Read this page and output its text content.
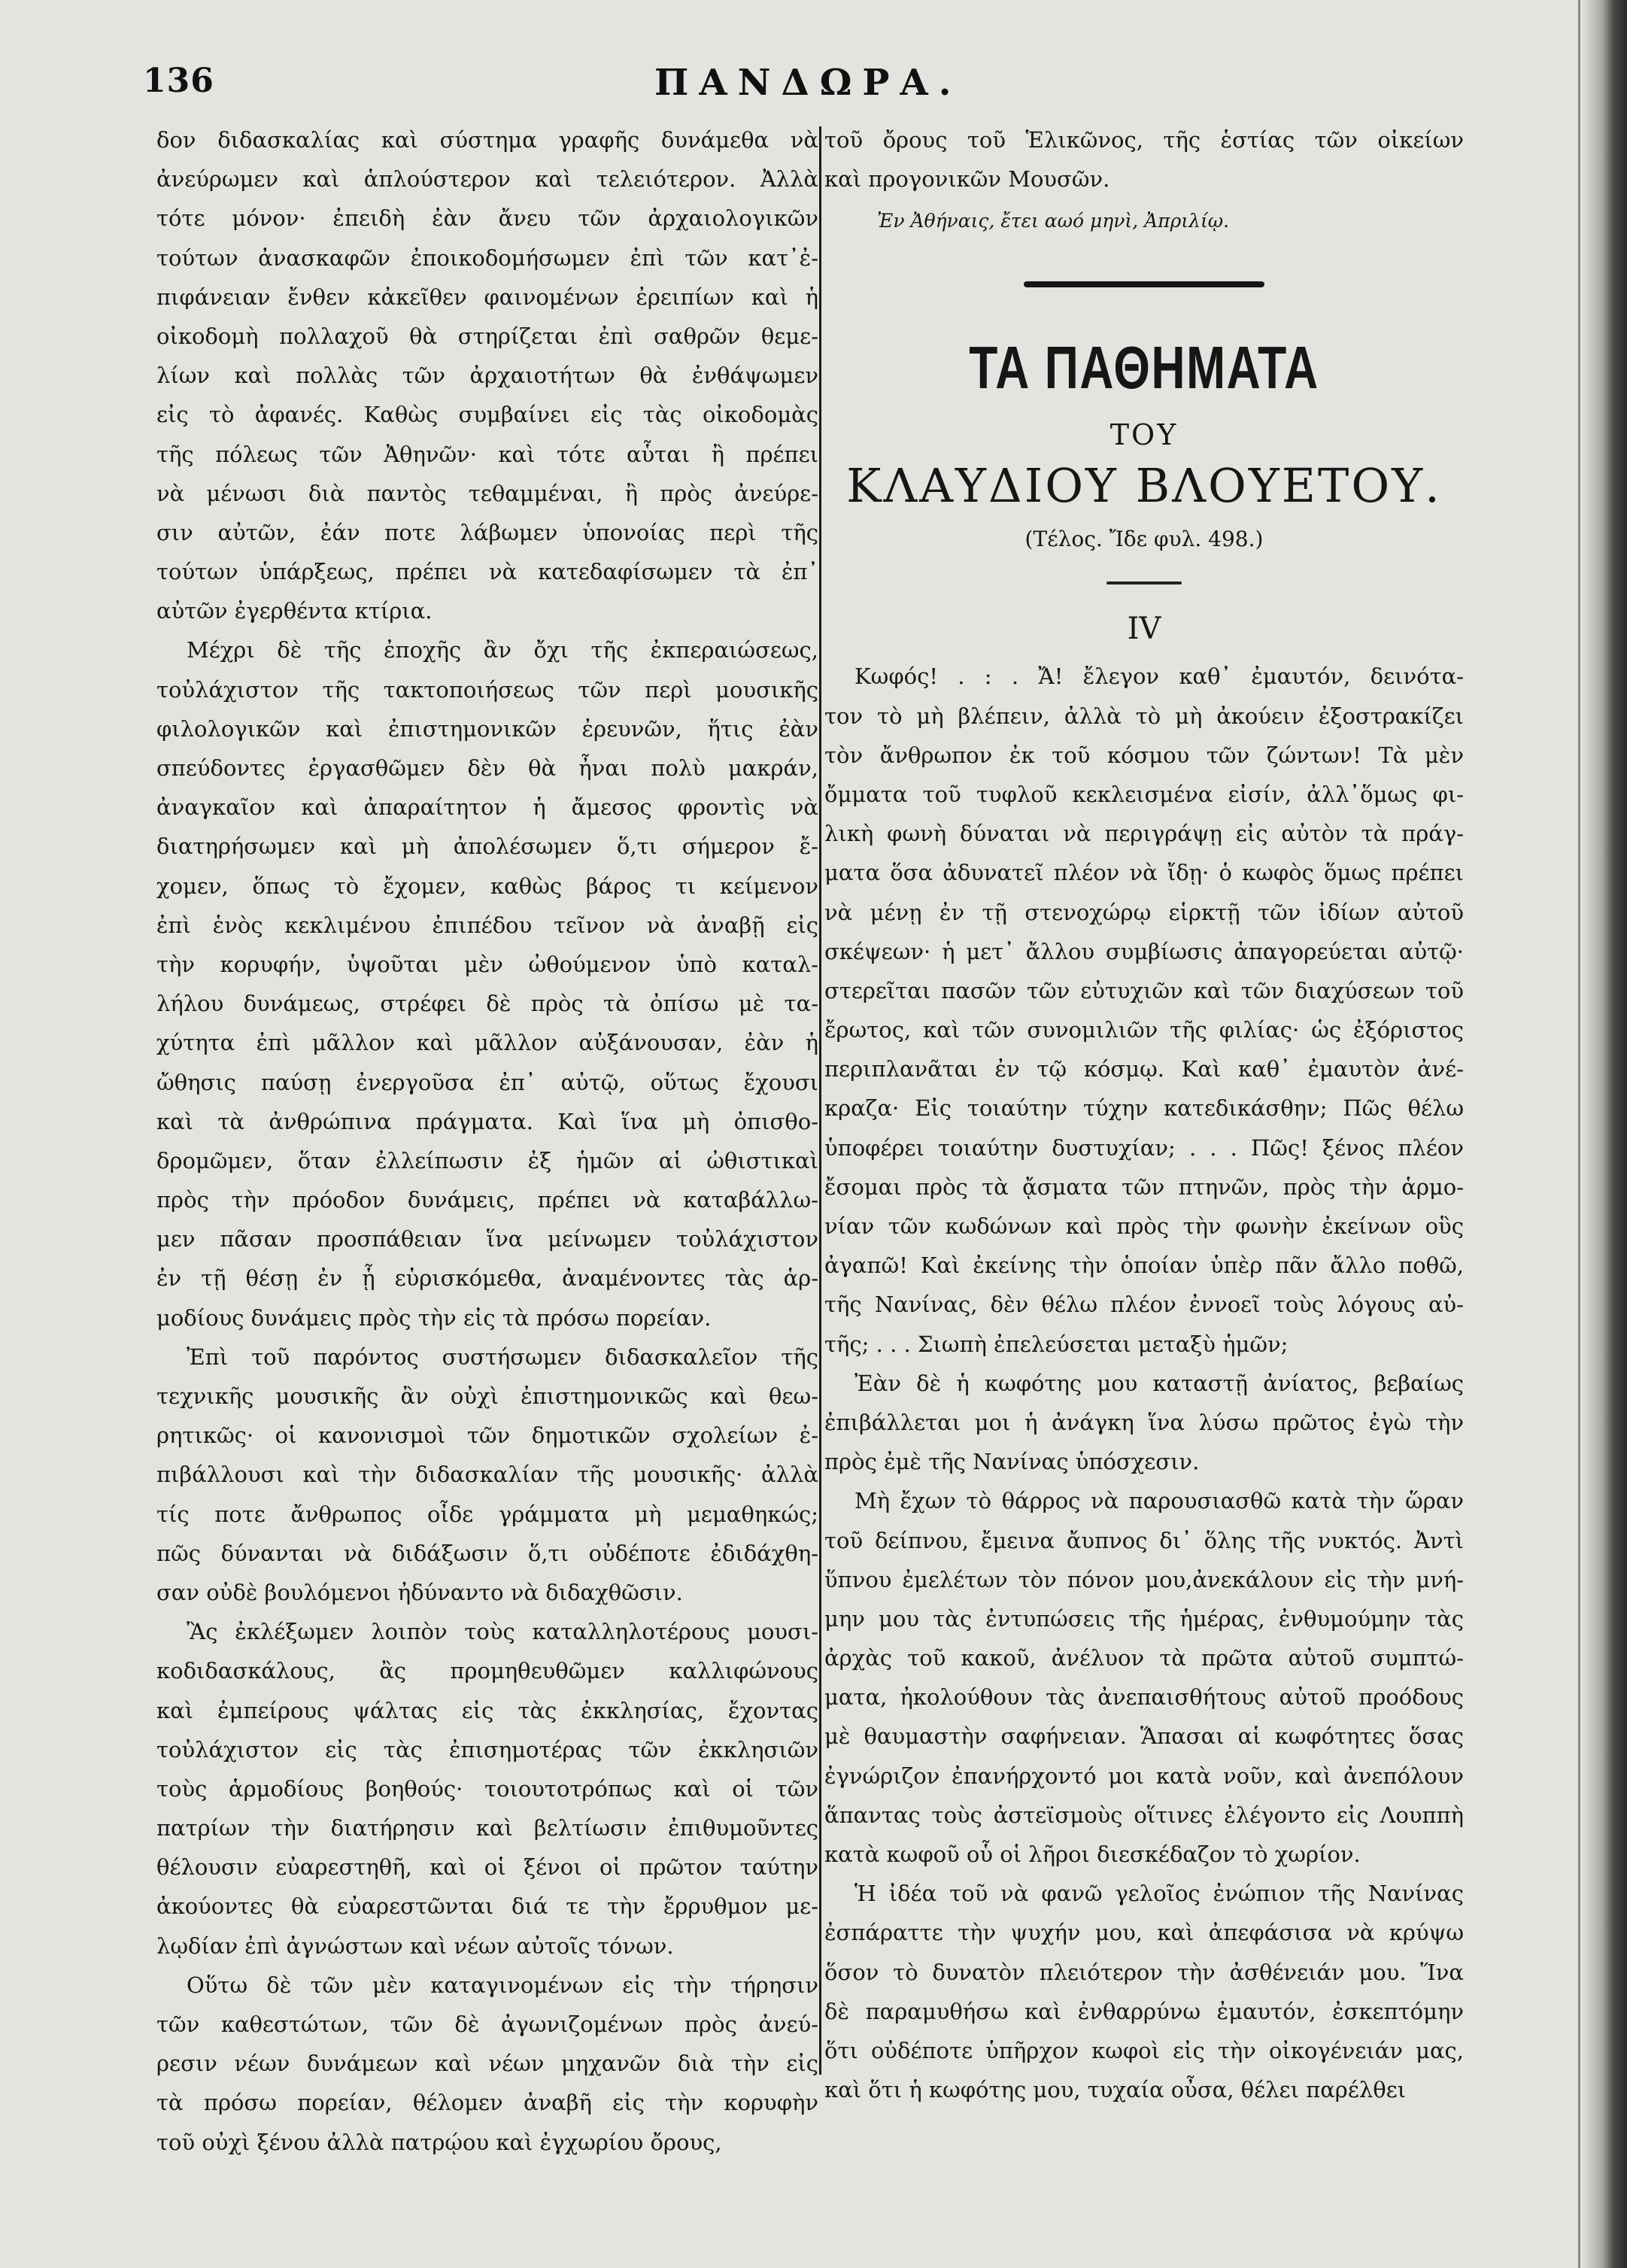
136	ΠΑΝΔΩΡΑ.
δον διδασκαλίας καὶ σύστημα γραφῆς δυνάμεθα νὰ
ἀνεύρωμεν καὶ ἁπλούστερον καὶ τελειότερον. Ἀλλὰ
τότε μόνον· ἐπειδὴ ἐὰν ἄνευ τῶν ἀρχαιολογικῶν
τούτων ἀνασκαφῶν ἐποικοδομήσωμεν ἐπὶ τῶν κατ᾽ἐ-
πιφάνειαν ἔνθεν κἀκεῖθεν φαινομένων ἐρειπίων καὶ ἡ
οἰκοδομὴ πολλαχοῦ θὰ στηρίζεται ἐπὶ σαθρῶν θεμε-
λίων καὶ πολλὰς τῶν ἀρχαιοτήτων θὰ ἐνθάψωμεν
εἰς τὸ ἀφανές. Καθὼς συμβαίνει εἰς τὰς οἰκοδομὰς
τῆς πόλεως τῶν Ἀθηνῶν· καὶ τότε αὗται ἢ πρέπει
νὰ μένωσι διὰ παντὸς τεθαμμέναι, ἢ πρὸς ἀνεύρε-
σιν αὐτῶν, ἐάν ποτε λάβωμεν ὑπονοίας περὶ τῆς
τούτων ὑπάρξεως, πρέπει νὰ κατεδαφίσωμεν τὰ ἐπ᾽
αὐτῶν ἐγερθέντα κτίρια.
Μέχρι δὲ τῆς ἐποχῆς ἂν ὄχι τῆς ἐκπεραιώσεως,
τοὐλάχιστον τῆς τακτοποιήσεως τῶν περὶ μουσικῆς
φιλολογικῶν καὶ ἐπιστημονικῶν ἐρευνῶν, ἥτις ἐὰν
σπεύδοντες ἐργασθῶμεν δὲν θὰ ἦναι πολὺ μακράν,
ἀναγκαῖον καὶ ἀπαραίτητον ἡ ἄμεσος φροντὶς νὰ
διατηρήσωμεν καὶ μὴ ἀπολέσωμεν ὅ,τι σήμερον ἔ-
χομεν, ὅπως τὸ ἔχομεν, καθὼς βάρος τι κείμενον
ἐπὶ ἑνὸς κεκλιμένου ἐπιπέδου τεῖνον νὰ ἀναβῇ εἰς
τὴν κορυφήν, ὑψοῦται μὲν ὠθούμενον ὑπὸ καταλ-
λήλου δυνάμεως, στρέφει δὲ πρὸς τὰ ὀπίσω μὲ τα-
χύτητα ἐπὶ μᾶλλον καὶ μᾶλλον αὐξάνουσαν, ἐὰν ἡ
ὤθησις παύσῃ ἐνεργοῦσα ἐπ᾽ αὐτῷ, οὕτως ἔχουσι
καὶ τὰ ἀνθρώπινα πράγματα. Καὶ ἵνα μὴ ὀπισθο-
δρομῶμεν, ὅταν ἐλλείπωσιν ἐξ ἡμῶν αἱ ὠθιστικαὶ
πρὸς τὴν πρόοδον δυνάμεις, πρέπει νὰ καταβάλλω-
μεν πᾶσαν προσπάθειαν ἵνα μείνωμεν τοὐλάχιστον
ἐν τῇ θέσῃ ἐν ᾗ εὑρισκόμεθα, ἀναμένοντες τὰς ἁρ-
μοδίους δυνάμεις πρὸς τὴν εἰς τὰ πρόσω πορείαν.
Ἐπὶ τοῦ παρόντος συστήσωμεν διδασκαλεῖον τῆς
τεχνικῆς μουσικῆς ἂν οὐχὶ ἐπιστημονικῶς καὶ θεω-
ρητικῶς· οἱ κανονισμοὶ τῶν δημοτικῶν σχολείων ἐ-
πιβάλλουσι καὶ τὴν διδασκαλίαν τῆς μουσικῆς· ἀλλὰ
τίς ποτε ἄνθρωπος οἶδε γράμματα μὴ μεμαθηκώς;
πῶς δύνανται νὰ διδάξωσιν ὅ,τι οὐδέποτε ἐδιδάχθη-
σαν οὐδὲ βουλόμενοι ἠδύναντο νὰ διδαχθῶσιν.
Ἂς ἐκλέξωμεν λοιπὸν τοὺς καταλληλοτέρους μουσι-
κοδιδασκάλους, ἂς προμηθευθῶμεν καλλιφώνους
καὶ ἐμπείρους ψάλτας εἰς τὰς ἐκκλησίας, ἔχοντας
τοὐλάχιστον εἰς τὰς ἐπισημοτέρας τῶν ἐκκλησιῶν
τοὺς ἁρμοδίους βοηθούς· τοιουτοτρόπως καὶ οἱ τῶν
πατρίων τὴν διατήρησιν καὶ βελτίωσιν ἐπιθυμοῦντες
θέλουσιν εὐαρεστηθῆ, καὶ οἱ ξένοι οἱ πρῶτον ταύτην
ἀκούοντες θὰ εὐαρεστῶνται διά τε τὴν ἔρρυθμον με-
λῳδίαν ἐπὶ ἀγνώστων καὶ νέων αὐτοῖς τόνων.
Οὕτω δὲ τῶν μὲν καταγινομένων εἰς τὴν τήρησιν
τῶν καθεστώτων, τῶν δὲ ἀγωνιζομένων πρὸς ἀνεύ-
ρεσιν νέων δυνάμεων καὶ νέων μηχανῶν διὰ τὴν εἰς
τὰ πρόσω πορείαν, θέλομεν ἀναβῆ εἰς τὴν κορυφὴν
τοῦ οὐχὶ ξένου ἀλλὰ πατρῴου καὶ ἐγχωρίου ὄρους,
τοῦ ὄρους τοῦ Ἑλικῶνος, τῆς ἑστίας τῶν οἰκείων
καὶ προγονικῶν Μουσῶν.
Ἐν Ἀθήναις, ἔτει αωό μηνὶ, Ἀπριλίῳ.
ΤΑ ΠΑΘΗΜΑΤΑ
ΤΟΥ
ΚΛΑΥΔΙΟΥ ΒΛΟΥΕΤΟΥ.
(Τέλος. Ἴδε φυλ. 498.)
IV
Κωφός! . : . Ἄ! ἔλεγον καθ᾽ ἐμαυτόν, δεινότα-
τον τὸ μὴ βλέπειν, ἀλλὰ τὸ μὴ ἀκούειν ἐξοστρακίζει
τὸν ἄνθρωπον ἐκ τοῦ κόσμου τῶν ζώντων! Τὰ μὲν
ὄμματα τοῦ τυφλοῦ κεκλεισμένα εἰσίν, ἀλλ᾽ὅμως φι-
λικὴ φωνὴ δύναται νὰ περιγράψῃ εἰς αὐτὸν τὰ πράγ-
ματα ὅσα ἀδυνατεῖ πλέον νὰ ἴδῃ· ὁ κωφὸς ὅμως πρέπει
νὰ μένῃ ἐν τῇ στενοχώρῳ εἱρκτῇ τῶν ἰδίων αὐτοῦ
σκέψεων· ἡ μετ᾽ ἄλλου συμβίωσις ἀπαγορεύεται αὐτῷ·
στερεῖται πασῶν τῶν εὐτυχιῶν καὶ τῶν διαχύσεων τοῦ
ἔρωτος, καὶ τῶν συνομιλιῶν τῆς φιλίας· ὡς ἐξόριστος
περιπλανᾶται ἐν τῷ κόσμῳ. Καὶ καθ᾽ ἐμαυτὸν ἀνέ-
κραζα· Εἰς τοιαύτην τύχην κατεδικάσθην; Πῶς θέλω
ὑποφέρει τοιαύτην δυστυχίαν; . . . Πῶς! ξένος πλέον
ἔσομαι πρὸς τὰ ᾄσματα τῶν πτηνῶν, πρὸς τὴν ἁρμο-
νίαν τῶν κωδώνων καὶ πρὸς τὴν φωνὴν ἐκείνων οὓς
ἀγαπῶ! Καὶ ἐκείνης τὴν ὁποίαν ὑπὲρ πᾶν ἄλλο ποθῶ,
τῆς Νανίνας, δὲν θέλω πλέον ἐννοεῖ τοὺς λόγους αὐ-
τῆς; . . . Σιωπὴ ἐπελεύσεται μεταξὺ ἡμῶν;
Ἐὰν δὲ ἡ κωφότης μου καταστῇ ἀνίατος, βεβαίως
ἐπιβάλλεται μοι ἡ ἀνάγκη ἵνα λύσω πρῶτος ἐγὼ τὴν
πρὸς ἐμὲ τῆς Νανίνας ὑπόσχεσιν.
Μὴ ἔχων τὸ θάρρος νὰ παρουσιασθῶ κατὰ τὴν ὥραν
τοῦ δείπνου, ἔμεινα ἄυπνος δι᾽ ὅλης τῆς νυκτός. Ἀντὶ
ὕπνου ἐμελέτων τὸν πόνον μου,ἀνεκάλουν εἰς τὴν μνή-
μην μου τὰς ἐντυπώσεις τῆς ἡμέρας, ἐνθυμούμην τὰς
ἀρχὰς τοῦ κακοῦ, ἀνέλυον τὰ πρῶτα αὐτοῦ συμπτώ-
ματα, ἠκολούθουν τὰς ἀνεπαισθήτους αὐτοῦ προόδους
μὲ θαυμαστὴν σαφήνειαν. Ἅπασαι αἱ κωφότητες ὅσας
ἐγνώριζον ἐπανήρχοντό μοι κατὰ νοῦν, καὶ ἀνεπόλουν
ἅπαντας τοὺς ἀστεϊσμοὺς οἵτινες ἐλέγοντο εἰς Λουππὴ
κατὰ κωφοῦ οὗ οἱ λῆροι διεσκέδαζον τὸ χωρίον.
Ἡ ἰδέα τοῦ νὰ φανῶ γελοῖος ἐνώπιον τῆς Νανίνας
ἐσπάραττε τὴν ψυχήν μου, καὶ ἀπεφάσισα νὰ κρύψω
ὅσον τὸ δυνατὸν πλειότερον τὴν ἀσθένειάν μου. Ἵνα
δὲ παραμυθήσω καὶ ἐνθαρρύνω ἐμαυτόν, ἐσκεπτόμην
ὅτι οὐδέποτε ὑπῆρχον κωφοὶ εἰς τὴν οἰκογένειάν μας,
καὶ ὅτι ἡ κωφότης μου, τυχαία οὖσα, θέλει παρέλθει
